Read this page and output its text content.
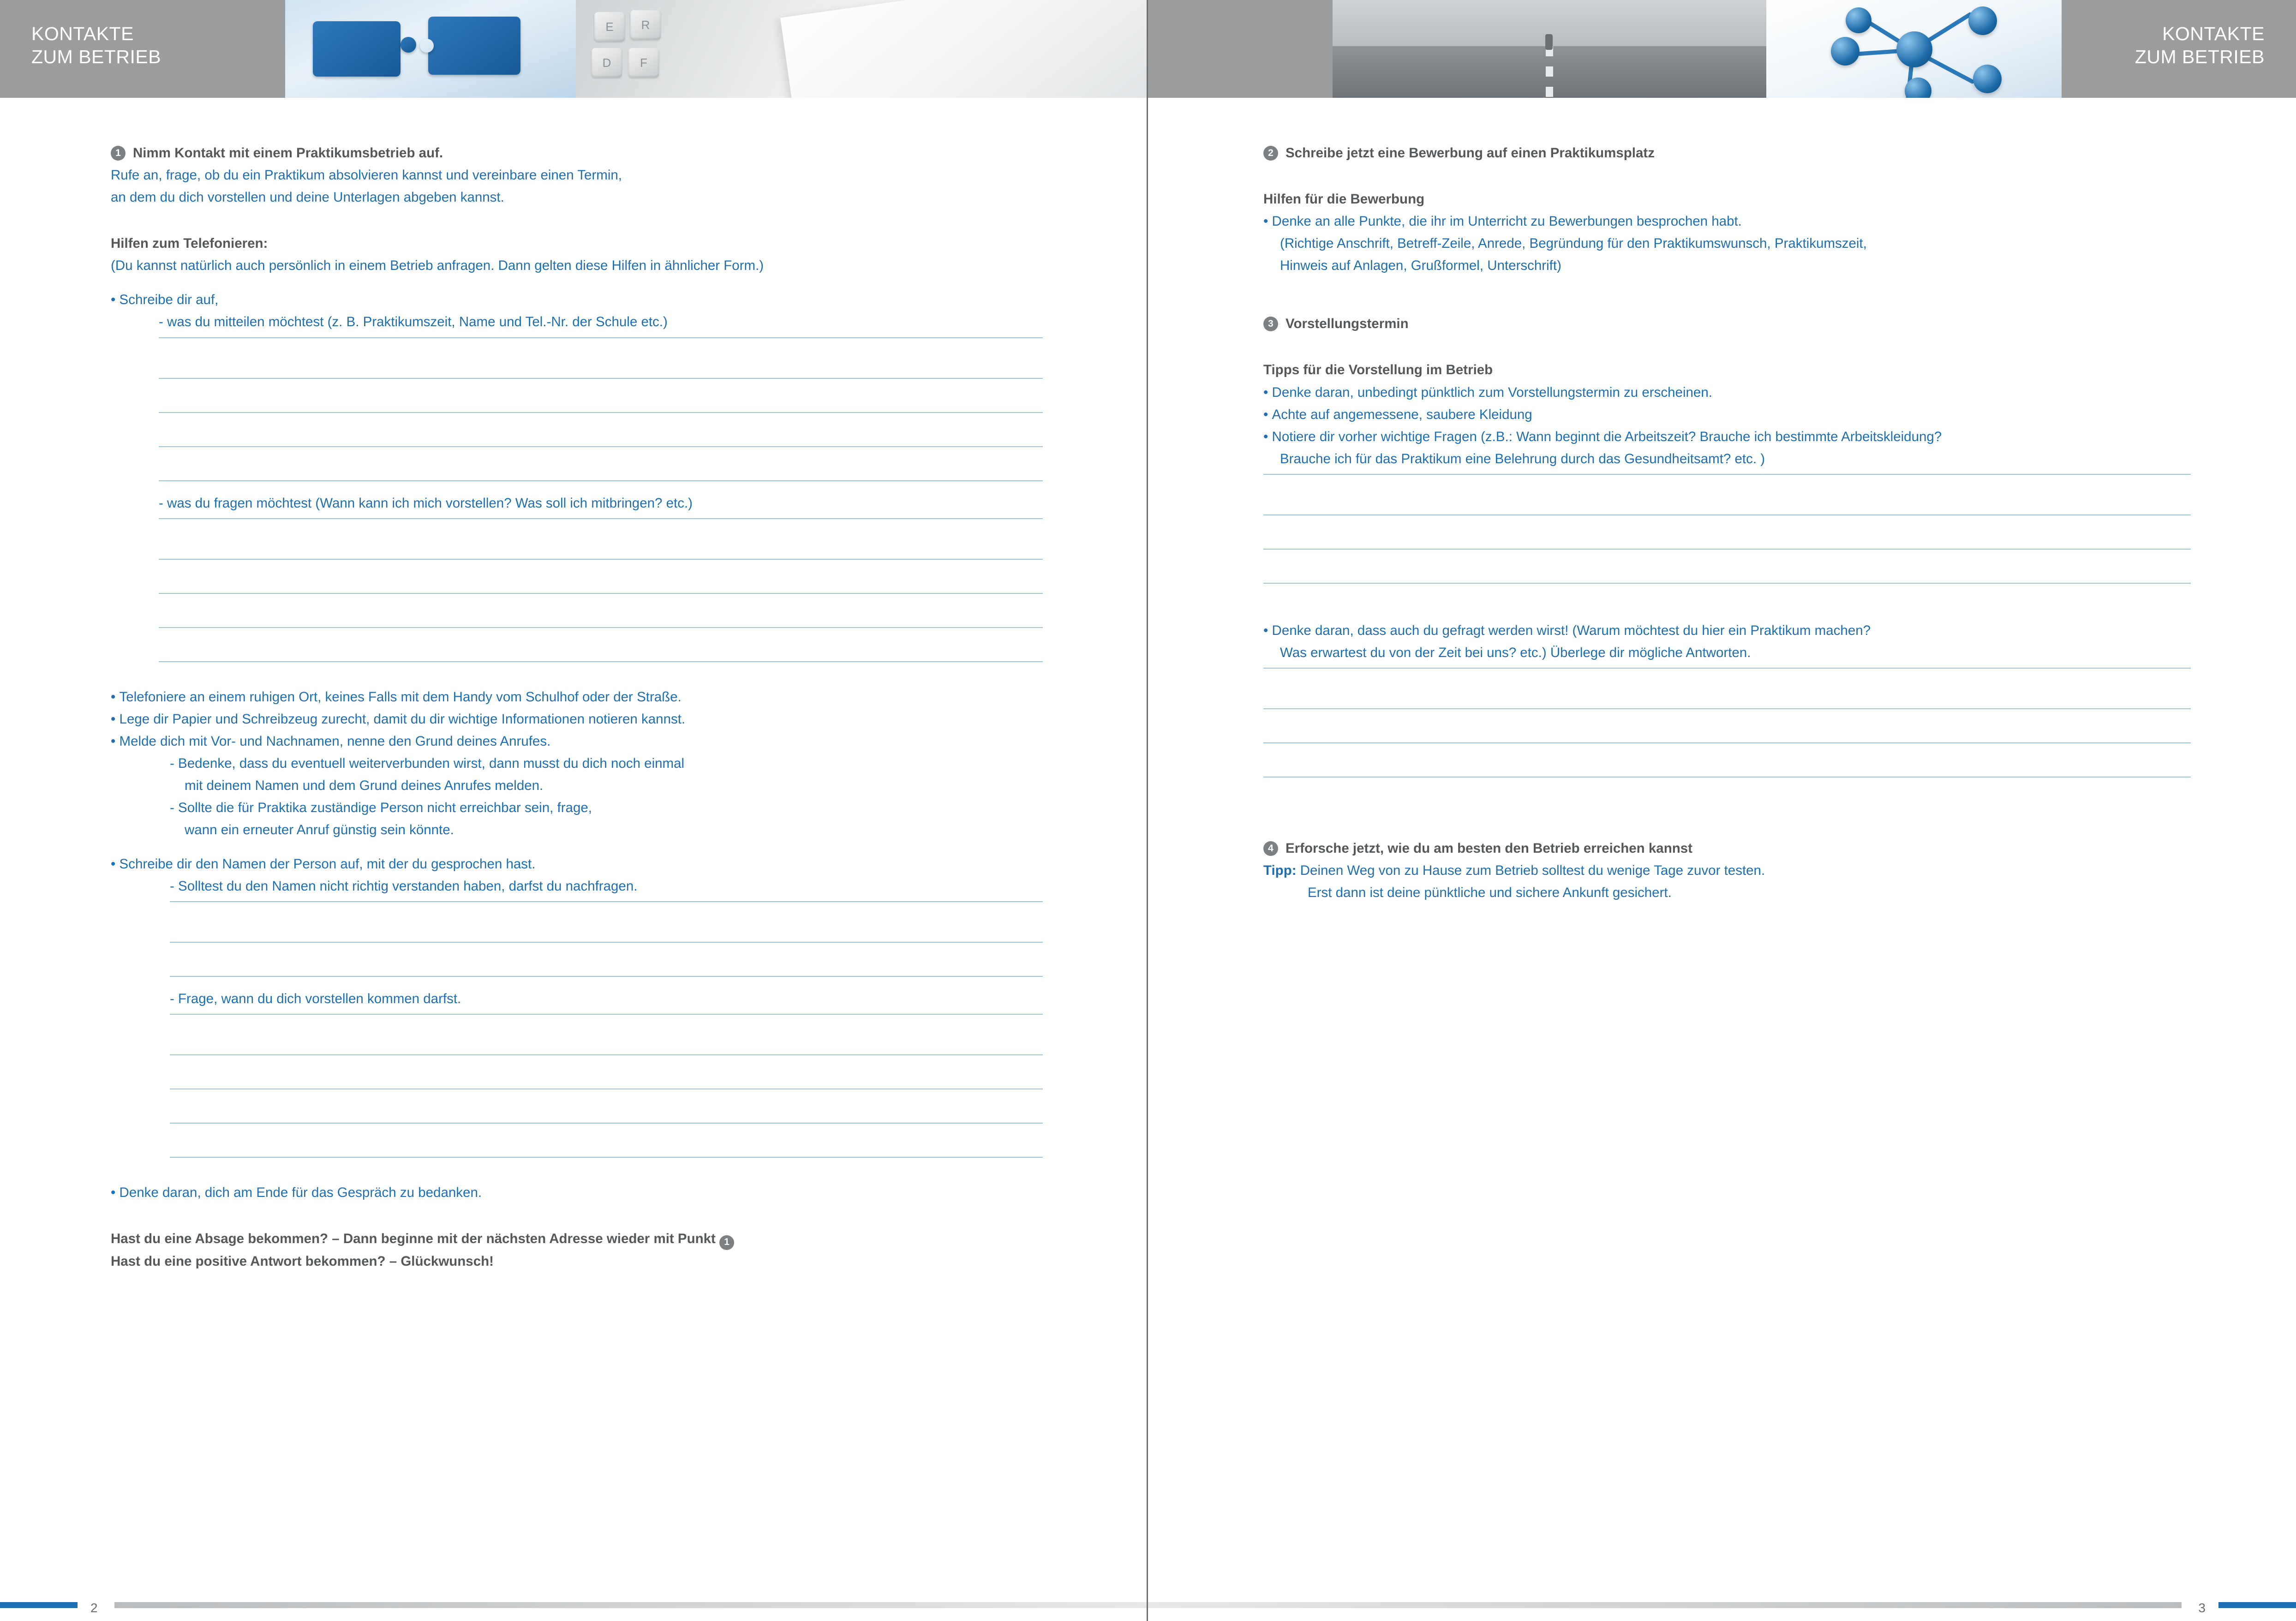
KONTAKTE
ZUM BETRIEB
E	R
D	F
1 Nimm Kontakt mit einem Praktikumsbetrieb auf.
Rufe an, frage, ob du ein Praktikum absolvieren kannst und vereinbare einen Termin,
an dem du dich vorstellen und deine Unterlagen abgeben kannst.
Hilfen zum Telefonieren:
(Du kannst natürlich auch persönlich in einem Betrieb anfragen. Dann gelten diese Hilfen in ähnlicher Form.)
• Schreibe dir auf,
- was du mitteilen möchtest (z. B. Praktikumszeit, Name und Tel.-Nr. der Schule etc.)
- was du fragen möchtest (Wann kann ich mich vorstellen? Was soll ich mitbringen? etc.)
• Telefoniere an einem ruhigen Ort, keines Falls mit dem Handy vom Schulhof oder der Straße.
• Lege dir Papier und Schreibzeug zurecht, damit du dir wichtige Informationen notieren kannst.
• Melde dich mit Vor- und Nachnamen, nenne den Grund deines Anrufes.
- Bedenke, dass du eventuell weiterverbunden wirst, dann musst du dich noch einmal
mit deinem Namen und dem Grund deines Anrufes melden.
- Sollte die für Praktika zuständige Person nicht erreichbar sein, frage,
wann ein erneuter Anruf günstig sein könnte.
• Schreibe dir den Namen der Person auf, mit der du gesprochen hast.
- Solltest du den Namen nicht richtig verstanden haben, darfst du nachfragen.
- Frage, wann du dich vorstellen kommen darfst.
• Denke daran, dich am Ende für das Gespräch zu bedanken.
Hast du eine Absage bekommen? – Dann beginne mit der nächsten Adresse wieder mit Punkt 1
Hast du eine positive Antwort bekommen? – Glückwunsch!
2
KONTAKTE
ZUM BETRIEB
2 Schreibe jetzt eine Bewerbung auf einen Praktikumsplatz
Hilfen für die Bewerbung
• Denke an alle Punkte, die ihr im Unterricht zu Bewerbungen besprochen habt.
(Richtige Anschrift, Betreff-Zeile, Anrede, Begründung für den Praktikumswunsch, Praktikumszeit,
Hinweis auf Anlagen, Grußformel, Unterschrift)
3 Vorstellungstermin
Tipps für die Vorstellung im Betrieb
• Denke daran, unbedingt pünktlich zum Vorstellungstermin zu erscheinen.
• Achte auf angemessene, saubere Kleidung
• Notiere dir vorher wichtige Fragen (z.B.: Wann beginnt die Arbeitszeit? Brauche ich bestimmte Arbeitskleidung?
Brauche ich für das Praktikum eine Belehrung durch das Gesundheitsamt? etc. )
• Denke daran, dass auch du gefragt werden wirst! (Warum möchtest du hier ein Praktikum machen?
Was erwartest du von der Zeit bei uns? etc.) Überlege dir mögliche Antworten.
4 Erforsche jetzt, wie du am besten den Betrieb erreichen kannst
Tipp: Deinen Weg von zu Hause zum Betrieb solltest du wenige Tage zuvor testen.
Erst dann ist deine pünktliche und sichere Ankunft gesichert.
3
